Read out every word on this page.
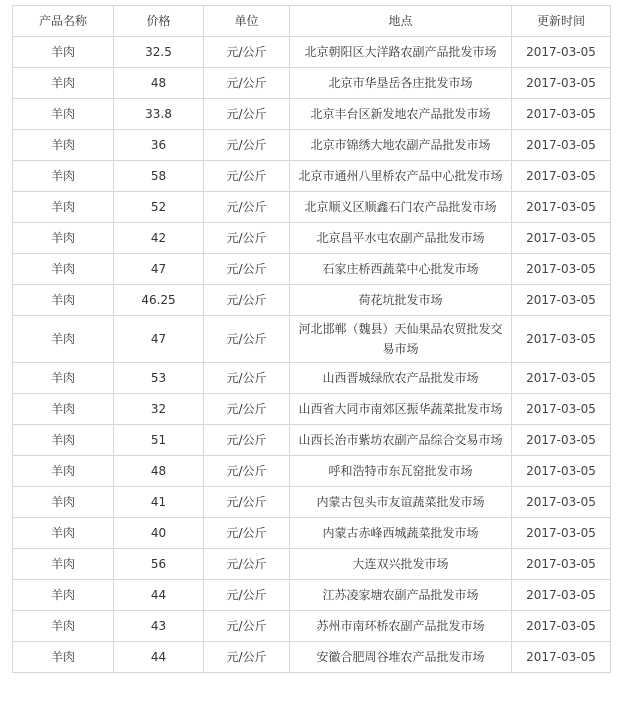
产品名称	价格	单位	地点	更新时间
羊肉	32.5	元/公斤	北京朝阳区大洋路农副产品批发市场	2017-03-05
羊肉	48	元/公斤	北京市华垦岳各庄批发市场	2017-03-05
羊肉	33.8	元/公斤	北京丰台区新发地农产品批发市场	2017-03-05
羊肉	36	元/公斤	北京市锦绣大地农副产品批发市场	2017-03-05
羊肉	58	元/公斤	北京市通州八里桥农产品中心批发市场	2017-03-05
羊肉	52	元/公斤	北京顺义区顺鑫石门农产品批发市场	2017-03-05
羊肉	42	元/公斤	北京昌平水屯农副产品批发市场	2017-03-05
羊肉	47	元/公斤	石家庄桥西蔬菜中心批发市场	2017-03-05
羊肉	46.25	元/公斤	荷花坑批发市场	2017-03-05
羊肉	47	元/公斤	河北邯郸（魏县）天仙果品农贸批发交易市场	2017-03-05
羊肉	53	元/公斤	山西晋城绿欣农产品批发市场	2017-03-05
羊肉	32	元/公斤	山西省大同市南郊区振华蔬菜批发市场	2017-03-05
羊肉	51	元/公斤	山西长治市紫坊农副产品综合交易市场	2017-03-05
羊肉	48	元/公斤	呼和浩特市东瓦窑批发市场	2017-03-05
羊肉	41	元/公斤	内蒙古包头市友谊蔬菜批发市场	2017-03-05
羊肉	40	元/公斤	内蒙古赤峰西城蔬菜批发市场	2017-03-05
羊肉	56	元/公斤	大连双兴批发市场	2017-03-05
羊肉	44	元/公斤	江苏凌家塘农副产品批发市场	2017-03-05
羊肉	43	元/公斤	苏州市南环桥农副产品批发市场	2017-03-05
羊肉	44	元/公斤	安徽合肥周谷堆农产品批发市场	2017-03-05
